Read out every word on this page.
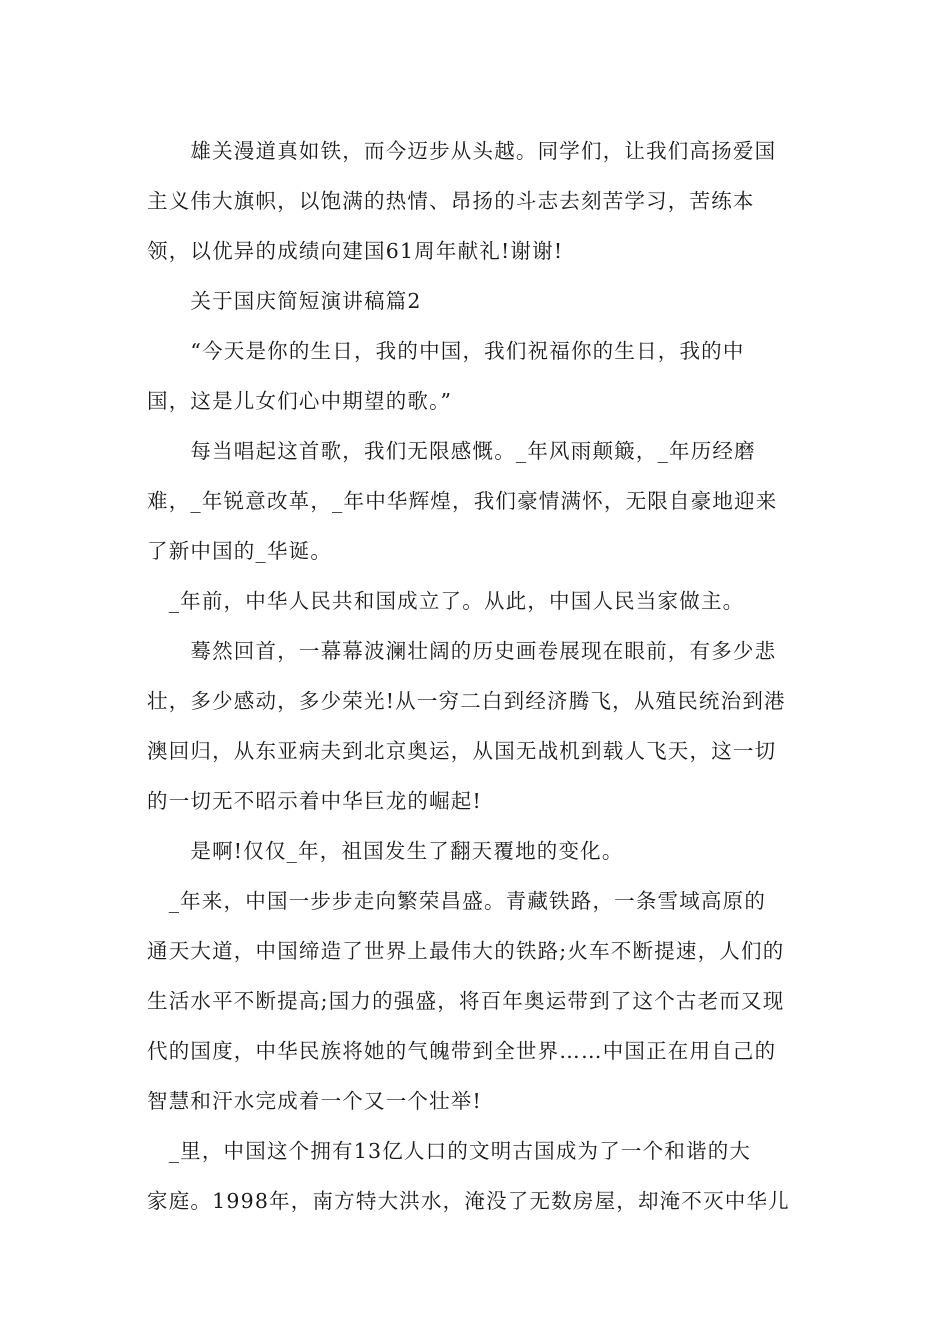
　　雄关漫道真如铁，而今迈步从头越。同学们，让我们高扬爱国
主义伟大旗帜，以饱满的热情、昂扬的斗志去刻苦学习，苦练本
领，以优异的成绩向建国61周年献礼!谢谢!
　　关于国庆简短演讲稿篇2
　　“今天是你的生日，我的中国，我们祝福你的生日，我的中
国，这是儿女们心中期望的歌。”
　　每当唱起这首歌，我们无限感慨。_年风雨颠簸，_年历经磨
难，_年锐意改革，_年中华辉煌，我们豪情满怀，无限自豪地迎来
了新中国的_华诞。
　_年前，中华人民共和国成立了。从此，中国人民当家做主。
　　蓦然回首，一幕幕波澜壮阔的历史画卷展现在眼前，有多少悲
壮，多少感动，多少荣光!从一穷二白到经济腾飞，从殖民统治到港
澳回归，从东亚病夫到北京奥运，从国无战机到载人飞天，这一切
的一切无不昭示着中华巨龙的崛起!
　　是啊!仅仅_年，祖国发生了翻天覆地的变化。
　_年来，中国一步步走向繁荣昌盛。青藏铁路，一条雪域高原的
通天大道，中国缔造了世界上最伟大的铁路;火车不断提速，人们的
生活水平不断提高;国力的强盛，将百年奥运带到了这个古老而又现
代的国度，中华民族将她的气魄带到全世界……中国正在用自己的
智慧和汗水完成着一个又一个壮举!
　_里，中国这个拥有13亿人口的文明古国成为了一个和谐的大
家庭。1998年，南方特大洪水，淹没了无数房屋，却淹不灭中华儿
